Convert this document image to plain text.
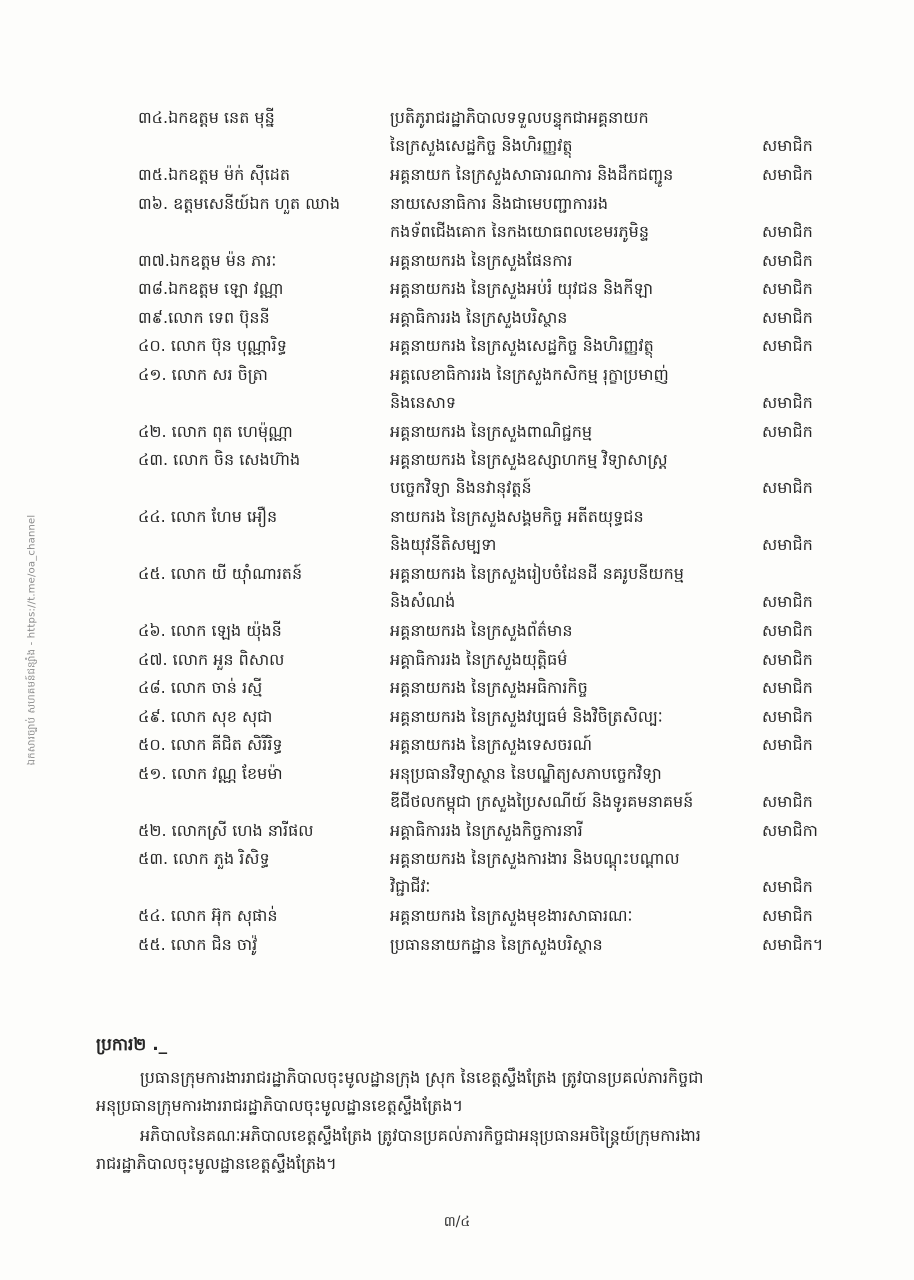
ឯកសារច្បាប់ សហគមន៍ជន្សាំង - https://t.me/oa_channel
៣៤.ឯកឧត្តម នេត មុន្នី	ប្រតិភូរាជរដ្ឋាភិបាលទទួលបន្ទុកជាអគ្គនាយក
នៃក្រសួងសេដ្ឋកិច្ច និងហិរញ្ញវត្ថុ	សមាជិក
៣៥.ឯកឧត្តម ម៉ក់ ស៊ីដេត	អគ្គនាយក នៃក្រសួងសាធារណការ និងដឹកជញ្ជូន	សមាជិក
៣៦. ឧត្តមសេនីយ៍ឯក ហួត ឈាង	នាយសេនាធិការ និងជាមេបញ្ជាការរង
កងទ័ពជើងគោក នៃកងយោធពលខេមរភូមិន្ទ	សមាជិក
៣៧.ឯកឧត្តម ម៉ន ភារៈ	អគ្គនាយករង នៃក្រសួងផែនការ	សមាជិក
៣៨.ឯកឧត្តម ឡោ វណ្ណា	អគ្គនាយករង នៃក្រសួងអប់រំ យុវជន និងកីឡា	សមាជិក
៣៩.លោក ទេព ប៊ុននី	អគ្គាធិការរង នៃក្រសួងបរិស្ថាន	សមាជិក
៤០. លោក ប៊ុន បុណ្ណារិទ្ធ	អគ្គនាយករង នៃក្រសួងសេដ្ឋកិច្ច និងហិរញ្ញវត្ថុ	សមាជិក
៤១. លោក សរ ចិត្រា	អគ្គលេខាធិការរង នៃក្រសួងកសិកម្ម រុក្ខាប្រមាញ់
និងនេសាទ	សមាជិក
៤២. លោក ពុត ហេម៉ុណ្ណា	អគ្គនាយករង នៃក្រសួងពាណិជ្ជកម្ម	សមាជិក
៤៣. លោក ចិន សេងហ៊ាង	អគ្គនាយករង នៃក្រសួងឧស្សាហកម្ម វិទ្យាសាស្ត្រ
បច្ចេកវិទ្យា និងនវានុវត្តន៍	សមាជិក
៤៤. លោក ហែម អឿន	នាយករង នៃក្រសួងសង្គមកិច្ច អតីតយុទ្ធជន
និងយុវនីតិសម្បទា	សមាជិក
៤៥. លោក យី យ៉ាំណារតន៍	អគ្គនាយករង នៃក្រសួងរៀបចំដែនដី នគរូបនីយកម្ម
និងសំណង់	សមាជិក
៤៦. លោក ឡេង យ៉ុងនី	អគ្គនាយករង នៃក្រសួងព័ត៌មាន	សមាជិក
៤៧. លោក អួន ពិសាល	អគ្គាធិការរង នៃក្រសួងយុត្តិធម៌	សមាជិក
៤៨. លោក ចាន់ រស្មី	អគ្គនាយករង នៃក្រសួងអធិការកិច្ច	សមាជិក
៤៩. លោក សុខ សុជា	អគ្គនាយករង នៃក្រសួងវប្បធម៌ និងវិចិត្រសិល្បៈ	សមាជិក
៥០. លោក គីជិត សិរីរិទ្ធ	អគ្គនាយករង នៃក្រសួងទេសចរណ៍	សមាជិក
៥១. លោក វណ្ណ ខែមម៉ា	អនុប្រធានវិទ្យាស្ថាន នៃបណ្ឌិត្យសភាបច្ចេកវិទ្យា
ឌីជីថលកម្ពុជា ក្រសួងប្រៃសណីយ៍ និងទូរគមនាគមន៍	សមាជិក
៥២. លោកស្រី ហេង នារីផល	អគ្គាធិការរង នៃក្រសួងកិច្ចការនារី	សមាជិកា
៥៣. លោក ភួង រិសិទ្ធ	អគ្គនាយករង នៃក្រសួងការងារ និងបណ្តុះបណ្តាល
វិជ្ជាជីវៈ	សមាជិក
៥៤. លោក អ៊ុក សុផាន់	អគ្គនាយករង នៃក្រសួងមុខងារសាធារណៈ	សមាជិក
៥៥. លោក ជិន ចាវ៉ូ	ប្រធាននាយកដ្ឋាន នៃក្រសួងបរិស្ថាន	សមាជិក។
ប្រការ២ ._
ប្រធានក្រុមការងាររាជរដ្ឋាភិបាលចុះមូលដ្ឋានក្រុង ស្រុក នៃខេត្តស្ទឹងត្រែង ត្រូវបានប្រគល់ភារកិច្ចជា
អនុប្រធានក្រុមការងាររាជរដ្ឋាភិបាលចុះមូលដ្ឋានខេត្តស្ទឹងត្រែង។
អភិបាលនៃគណៈអភិបាលខេត្តស្ទឹងត្រែង ត្រូវបានប្រគល់ភារកិច្ចជាអនុប្រធានអចិន្ត្រៃយ៍ក្រុមការងារ
រាជរដ្ឋាភិបាលចុះមូលដ្ឋានខេត្តស្ទឹងត្រែង។
៣/៤
